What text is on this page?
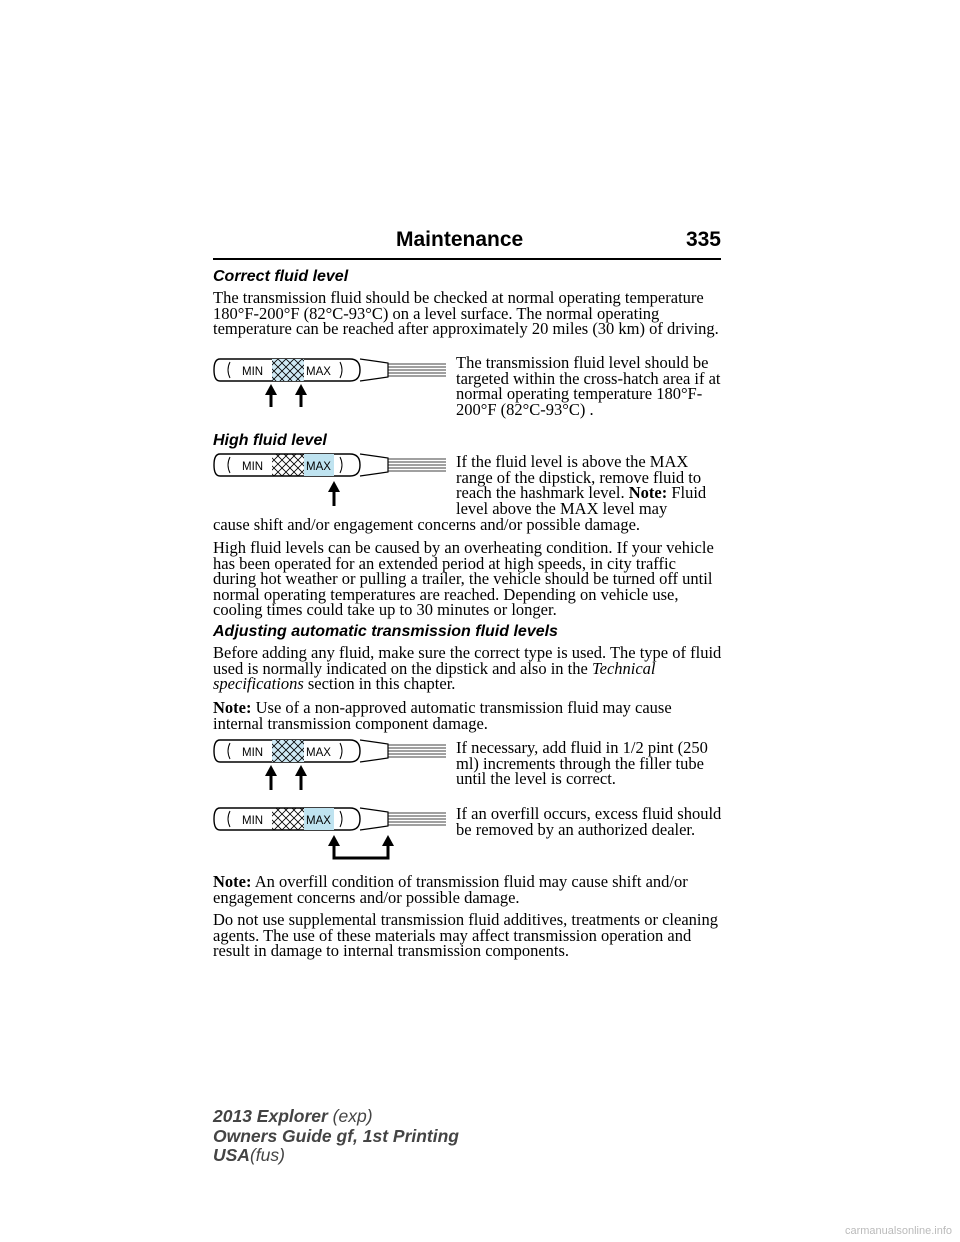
Maintenance	335

Correct fluid level

The transmission fluid should be checked at normal operating temperature 180°F-200°F (82°C-93°C) on a level surface. The normal operating temperature can be reached after approximately 20 miles (30 km) of driving.

MIN	MAX	The transmission fluid level should be targeted within the cross-hatch area if at normal operating temperature 180°F-200°F (82°C-93°C) .

High fluid level

MIN	MAX	If the fluid level is above the MAX range of the dipstick, remove fluid to reach the hashmark level. Note: Fluid level above the MAX level may

cause shift and/or engagement concerns and/or possible damage.

High fluid levels can be caused by an overheating condition. If your vehicle has been operated for an extended period at high speeds, in city traffic during hot weather or pulling a trailer, the vehicle should be turned off until normal operating temperatures are reached. Depending on vehicle use, cooling times could take up to 30 minutes or longer.

Adjusting automatic transmission fluid levels

Before adding any fluid, make sure the correct type is used. The type of fluid used is normally indicated on the dipstick and also in the Technical specifications section in this chapter.

Note: Use of a non-approved automatic transmission fluid may cause internal transmission component damage.

MIN	MAX	If necessary, add fluid in 1/2 pint (250 ml) increments through the filler tube until the level is correct.

MIN	MAX	If an overfill occurs, excess fluid should be removed by an authorized dealer.

Note: An overfill condition of transmission fluid may cause shift and/or engagement concerns and/or possible damage.

Do not use supplemental transmission fluid additives, treatments or cleaning agents. The use of these materials may affect transmission operation and result in damage to internal transmission components.

2013 Explorer (exp)
Owners Guide gf, 1st Printing
USA(fus)
carmanualsonline.info
